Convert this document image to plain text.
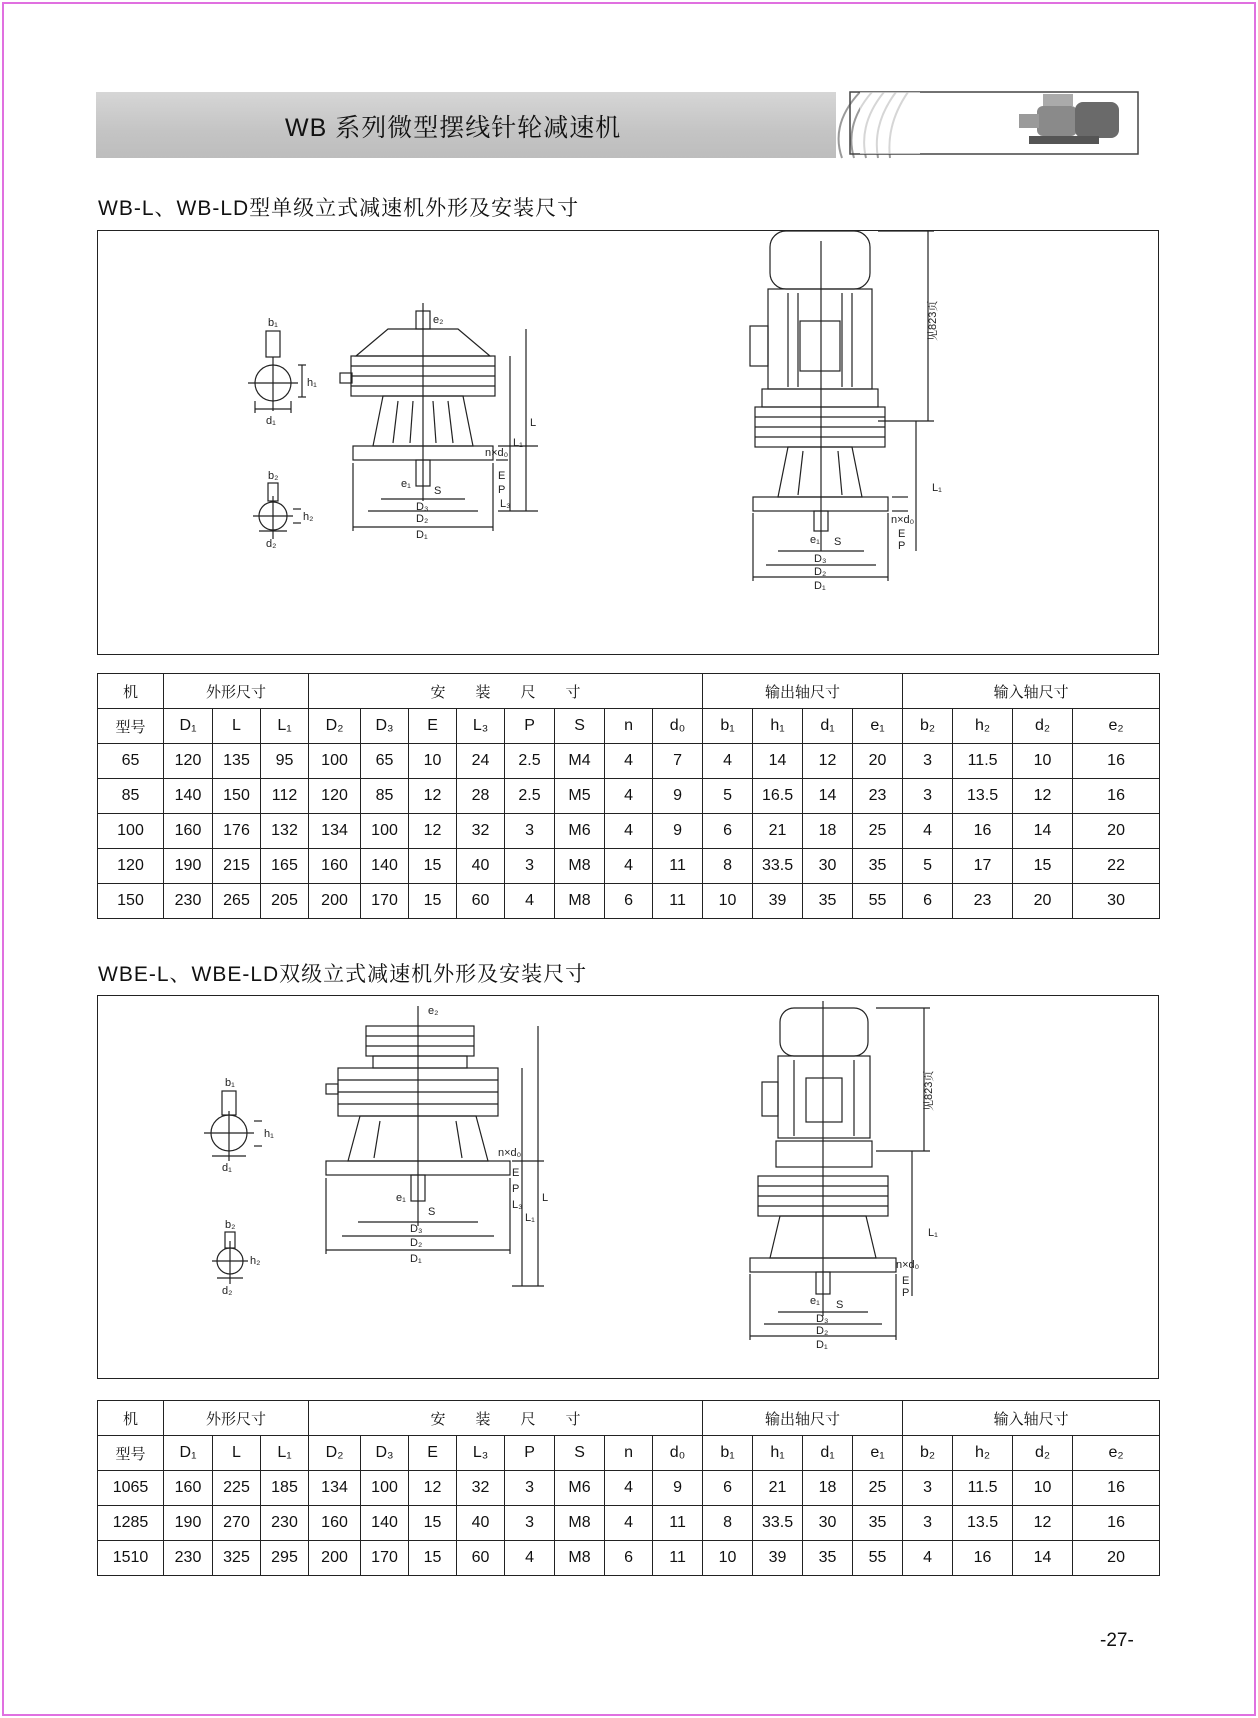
WB 系列微型摆线针轮减速机
WB-L、WB-LD型单级立式减速机外形及安装尺寸
b₁
h₁
d₁
b₂
h₂
d₂
e₂
L
L₁
n×d₀
E
P
L₃
e₁
S
D₃
D₂
D₁
见823页
L₁
n×d₀
E
P
e₁ S
D₃
D₂
D₁
机	外形尺寸			安　　装　　尺　　寸								输出轴尺寸				输入轴尺寸			
型号	D₁	L	L₁	D₂	D₃	E	L₃	P	S	n	d₀	b₁	h₁	d₁	e₁	b₂	h₂	d₂	e₂
65	120	135	95	100	65	10	24	2.5	M4	4	7	4	14	12	20	3	11.5	10	16
85	140	150	112	120	85	12	28	2.5	M5	4	9	5	16.5	14	23	3	13.5	12	16
100	160	176	132	134	100	12	32	3	M6	4	9	6	21	18	25	4	16	14	20
120	190	215	165	160	140	15	40	3	M8	4	11	8	33.5	30	35	5	17	15	22
150	230	265	205	200	170	15	60	4	M8	6	11	10	39	35	55	6	23	20	30
WBE-L、WBE-LD双级立式减速机外形及安装尺寸
b₁
h₁
d₁
b₂
h₂
d₂
e₂
L
L₁
n×d₀
E
P
L₃
e₁
S
D₃
D₂
D₁
见823页
L₁
n×d₀
E
P
e₁ S
D₃
D₂
D₁
机	外形尺寸			安　　装　　尺　　寸								输出轴尺寸				输入轴尺寸			
型号	D₁	L	L₁	D₂	D₃	E	L₃	P	S	n	d₀	b₁	h₁	d₁	e₁	b₂	h₂	d₂	e₂
1065	160	225	185	134	100	12	32	3	M6	4	9	6	21	18	25	3	11.5	10	16
1285	190	270	230	160	140	15	40	3	M8	4	11	8	33.5	30	35	3	13.5	12	16
1510	230	325	295	200	170	15	60	4	M8	6	11	10	39	35	55	4	16	14	20
-27-
